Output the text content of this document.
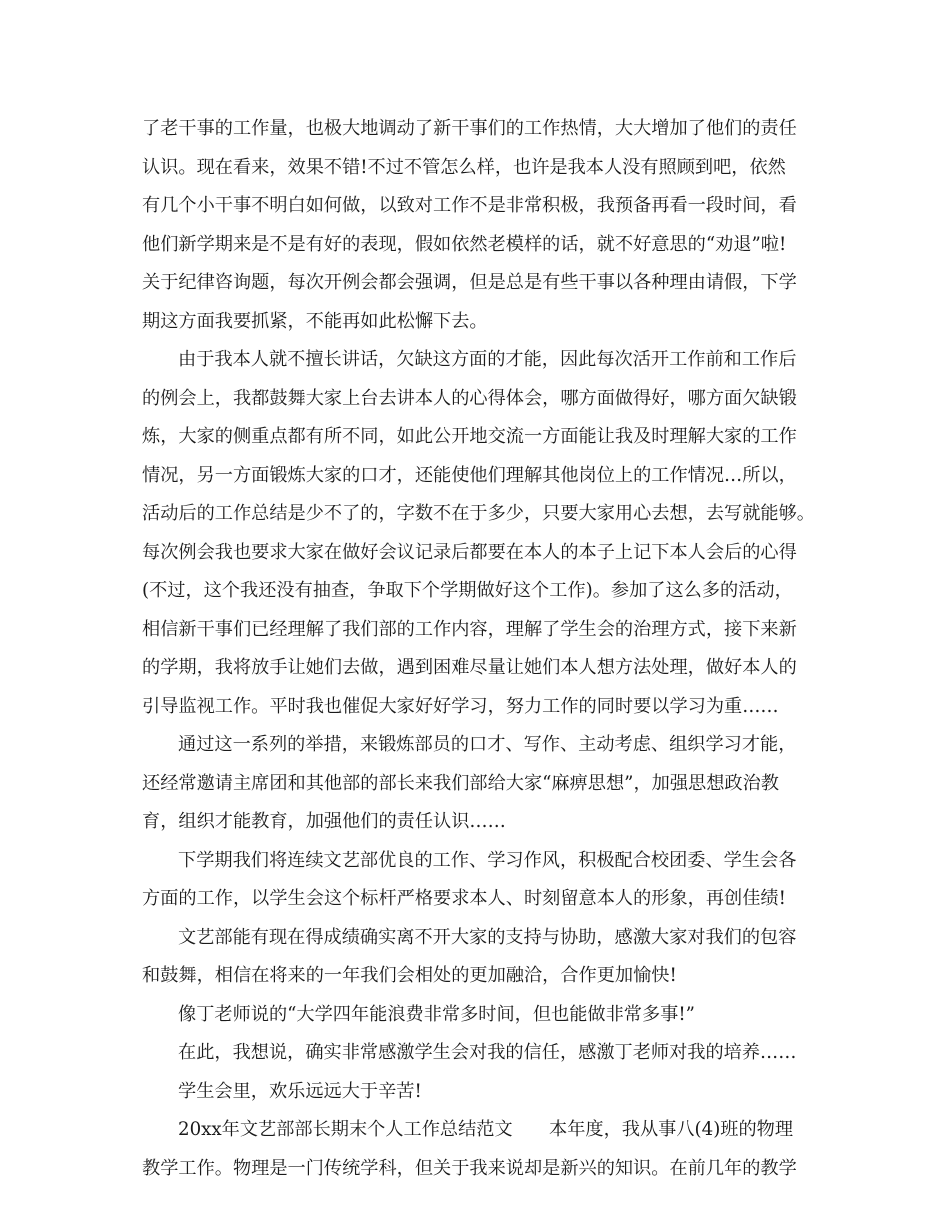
了老干事的工作量，也极大地调动了新干事们的工作热情，大大增加了他们的责任
认识。现在看来，效果不错!不过不管怎么样，也许是我本人没有照顾到吧，依然
有几个小干事不明白如何做，以致对工作不是非常积极，我预备再看一段时间，看
他们新学期来是不是有好的表现，假如依然老模样的话，就不好意思的“劝退”啦!
关于纪律咨询题，每次开例会都会强调，但是总是有些干事以各种理由请假，下学
期这方面我要抓紧，不能再如此松懈下去。
由于我本人就不擅长讲话，欠缺这方面的才能，因此每次活开工作前和工作后
的例会上，我都鼓舞大家上台去讲本人的心得体会，哪方面做得好，哪方面欠缺锻
炼，大家的侧重点都有所不同，如此公开地交流一方面能让我及时理解大家的工作
情况，另一方面锻炼大家的口才，还能使他们理解其他岗位上的工作情况…所以，
活动后的工作总结是少不了的，字数不在于多少，只要大家用心去想，去写就能够。
每次例会我也要求大家在做好会议记录后都要在本人的本子上记下本人会后的心得
(不过，这个我还没有抽查，争取下个学期做好这个工作)。参加了这么多的活动，
相信新干事们已经理解了我们部的工作内容，理解了学生会的治理方式，接下来新
的学期，我将放手让她们去做，遇到困难尽量让她们本人想方法处理，做好本人的
引导监视工作。平时我也催促大家好好学习，努力工作的同时要以学习为重……
通过这一系列的举措，来锻炼部员的口才、写作、主动考虑、组织学习才能，
还经常邀请主席团和其他部的部长来我们部给大家“麻痹思想”，加强思想政治教
育，组织才能教育，加强他们的责任认识……
下学期我们将连续文艺部优良的工作、学习作风，积极配合校团委、学生会各
方面的工作，以学生会这个标杆严格要求本人、时刻留意本人的形象，再创佳绩!
文艺部能有现在得成绩确实离不开大家的支持与协助，感激大家对我们的包容
和鼓舞，相信在将来的一年我们会相处的更加融洽，合作更加愉快!
像丁老师说的“大学四年能浪费非常多时间，但也能做非常多事!”
在此，我想说，确实非常感激学生会对我的信任，感激丁老师对我的培养……
学生会里，欢乐远远大于辛苦!
20xx年文艺部部长期末个人工作总结范文　　本年度，我从事八(4)班的物理
教学工作。物理是一门传统学科，但关于我来说却是新兴的知识。在前几年的教学
